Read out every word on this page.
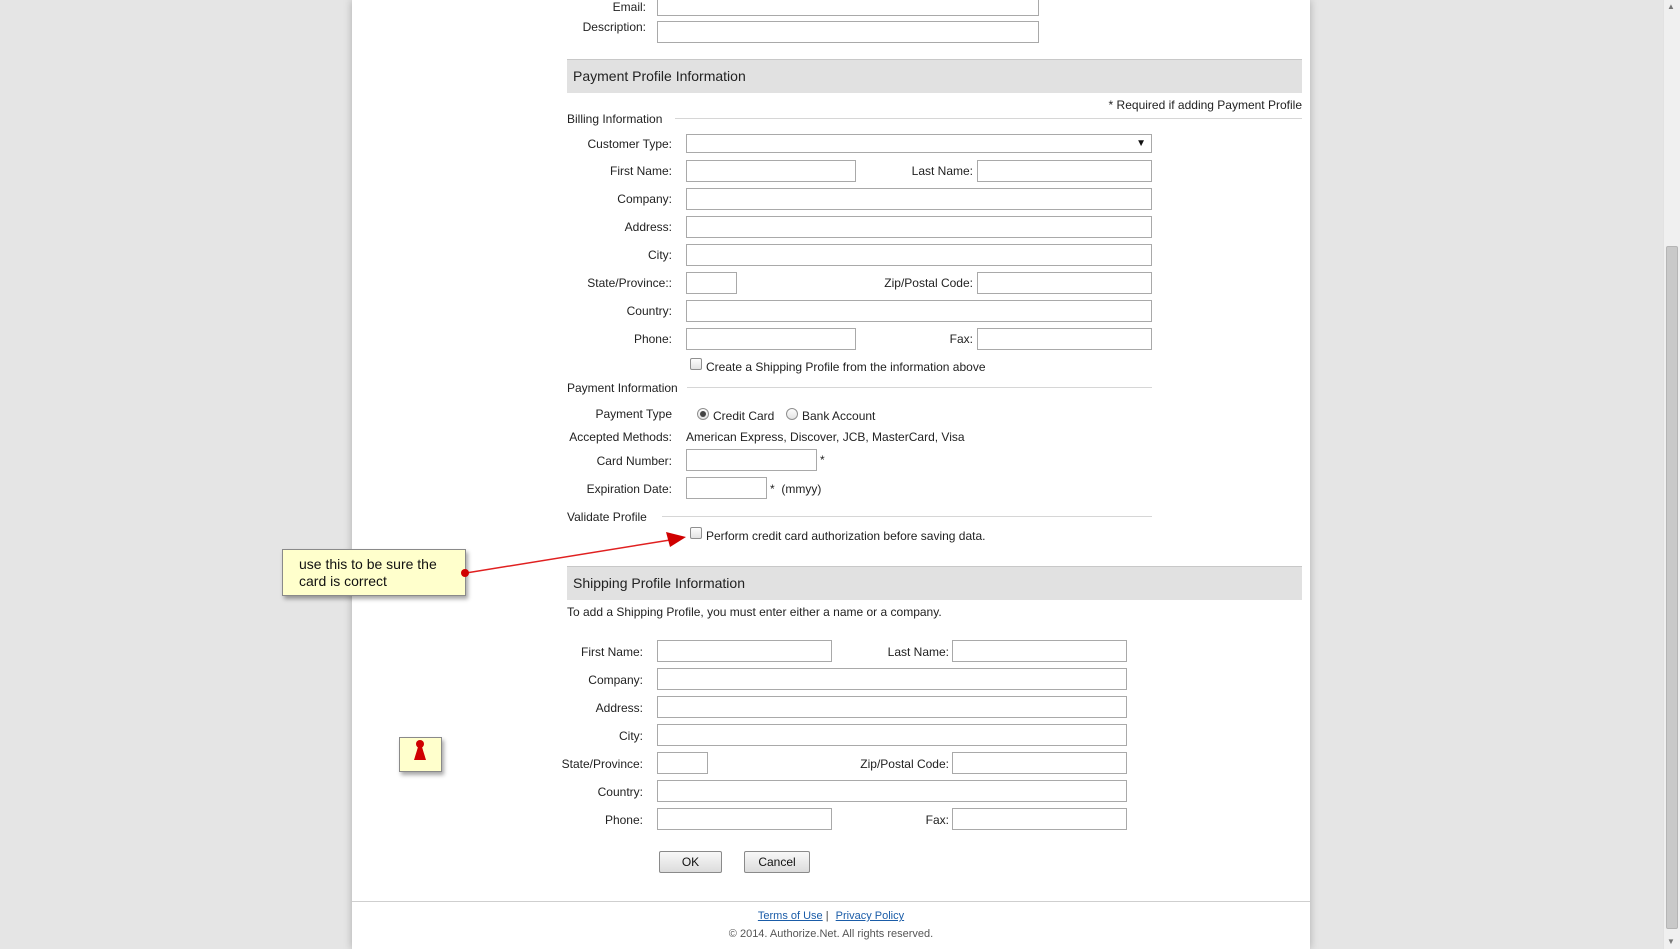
Email:
Description:
Payment Profile Information
* Required if adding Payment Profile
Billing Information
Customer Type:	▼
First Name:	Last Name:
Company:
Address:
City:
State/Province::	Zip/Postal Code:
Country:
Phone:	Fax:
Create a Shipping Profile from the information above
Payment Information
Payment Type	Credit Card Bank Account
Accepted Methods: American Express, Discover, JCB, MasterCard, Visa
Card Number:	*
Expiration Date:	*  (mmyy)
Validate Profile
Perform credit card authorization before saving data.
Shipping Profile Information
To add a Shipping Profile, you must enter either a name or a company.
First Name:	Last Name:
Company:
Address:
City:
State/Province:	Zip/Postal Code:
Country:
Phone:	Fax:
OK	Cancel
Terms of Use | Privacy Policy
© 2014. Authorize.Net. All rights reserved.
use this to be sure the card is correct
▲
▼
